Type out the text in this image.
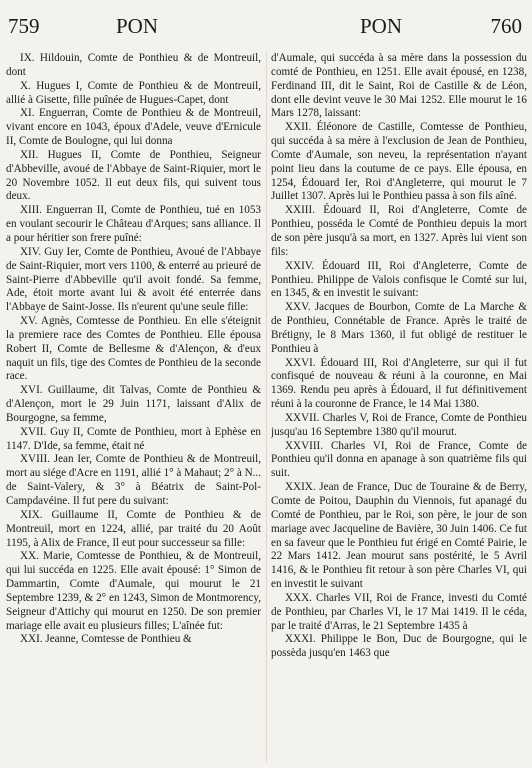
759	PON	PON	760

IX. Hildouin, Comte de Ponthieu & de Montreuil, dont

X. Hugues I, Comte de Ponthieu & de Montreuil, allié à Gisette, fille puînée de Hugues-Capet, dont

XI. Enguerran, Comte de Ponthieu & de Montreuil, vivant encore en 1043, époux d'Adele, veuve d'Ernicule II, Comte de Boulogne, qui lui donna

XII. Hugues II, Comte de Ponthieu, Seigneur d'Abbeville, avoué de l'Abbaye de Saint-Riquier, mort le 20 Novembre 1052. Il eut deux fils, qui suivent tous deux.

XIII. Enguerran II, Comte de Ponthieu, tué en 1053 en voulant secourir le Château d'Arques; sans alliance. Il a pour héritier son frere puîné:

XIV. Guy Ier, Comte de Ponthieu, Avoué de l'Abbaye de Saint-Riquier, mort vers 1100, & enterré au prieuré de Saint-Pierre d'Abbeville qu'il avoit fondé. Sa femme, Ade, étoit morte avant lui & avoit été enterrée dans l'Abbaye de Saint-Josse. Ils n'eurent qu'une seule fille:

XV. Agnès, Comtesse de Ponthieu. En elle s'éteignit la premiere race des Comtes de Ponthieu. Elle épousa Robert II, Comte de Bellesme & d'Alençon, & d'eux naquit un fils, tige des Comtes de Ponthieu de la seconde race.

XVI. Guillaume, dit Talvas, Comte de Ponthieu & d'Alençon, mort le 29 Juin 1171, laissant d'Alix de Bourgogne, sa femme,

XVII. Guy II, Comte de Ponthieu, mort à Ephèse en 1147. D'Ide, sa femme, était né

XVIII. Jean Ier, Comte de Ponthieu & de Montreuil, mort au siége d'Acre en 1191, allié 1° à Mahaut; 2° à N... de Saint-Valery, & 3° à Béatrix de Saint-Pol-Campdavéine. Il fut pere du suivant:

XIX. Guillaume II, Comte de Ponthieu & de Montreuil, mort en 1224, allié, par traité du 20 Août 1195, à Alix de France, Il eut pour successeur sa fille:

XX. Marie, Comtesse de Ponthieu, & de Montreuil, qui lui succéda en 1225. Elle avait épousé: 1° Simon de Dammartin, Comte d'Aumale, qui mourut le 21 Septembre 1239, & 2° en 1243, Simon de Montmorency, Seigneur d'Attichy qui mourut en 1250. De son premier mariage elle avait eu plusieurs filles; L'aînée fut:

XXI. Jeanne, Comtesse de Ponthieu &

d'Aumale, qui succéda à sa mère dans la possession du comté de Ponthieu, en 1251. Elle avait épousé, en 1238, Ferdinand III, dit le Saint, Roi de Castille & de Léon, dont elle devint veuve le 30 Mai 1252. Elle mourut le 16 Mars 1278, laissant:

XXII. Éléonore de Castille, Comtesse de Ponthieu, qui succéda à sa mère à l'exclusion de Jean de Ponthieu, Comte d'Aumale, son neveu, la représentation n'ayant point lieu dans la coutume de ce pays. Elle épousa, en 1254, Édouard Ier, Roi d'Angleterre, qui mourut le 7 Juillet 1307. Après lui le Ponthieu passa à son fils aîné.

XXIII. Édouard II, Roi d'Angleterre, Comte de Ponthieu, posséda le Comté de Ponthieu depuis la mort de son père jusqu'à sa mort, en 1327. Après lui vient son fils:

XXIV. Édouard III, Roi d'Angleterre, Comte de Ponthieu. Philippe de Valois confisque le Comté sur lui, en 1345, & en investit le suivant:

XXV. Jacques de Bourbon, Comte de La Marche & de Ponthieu, Connétable de France. Après le traité de Brétigny, le 8 Mars 1360, il fut obligé de restituer le Ponthieu à

XXVI. Édouard III, Roi d'Angleterre, sur qui il fut confisqué de nouveau & réuni à la couronne, en Mai 1369. Rendu peu après à Édouard, il fut définitivement réuni à la couronne de France, le 14 Mai 1380.

XXVII. Charles V, Roi de France, Comte de Ponthieu jusqu'au 16 Septembre 1380 qu'il mourut.

XXVIII. Charles VI, Roi de France, Comte de Ponthieu qu'il donna en apanage à son quatrième fils qui suit.

XXIX. Jean de France, Duc de Touraine & de Berry, Comte de Poitou, Dauphin du Viennois, fut apanagé du Comté de Ponthieu, par le Roi, son père, le jour de son mariage avec Jacqueline de Bavière, 30 Juin 1406. Ce fut en sa faveur que le Ponthieu fut érigé en Comté Pairie, le 22 Mars 1412. Jean mourut sans postérité, le 5 Avril 1416, & le Ponthieu fit retour à son père Charles VI, qui en investit le suivant

XXX. Charles VII, Roi de France, investi du Comté de Ponthieu, par Charles VI, le 17 Mai 1419. Il le céda, par le traité d'Arras, le 21 Septembre 1435 à

XXXI. Philippe le Bon, Duc de Bourgogne, qui le possèda jusqu'en 1463 que
